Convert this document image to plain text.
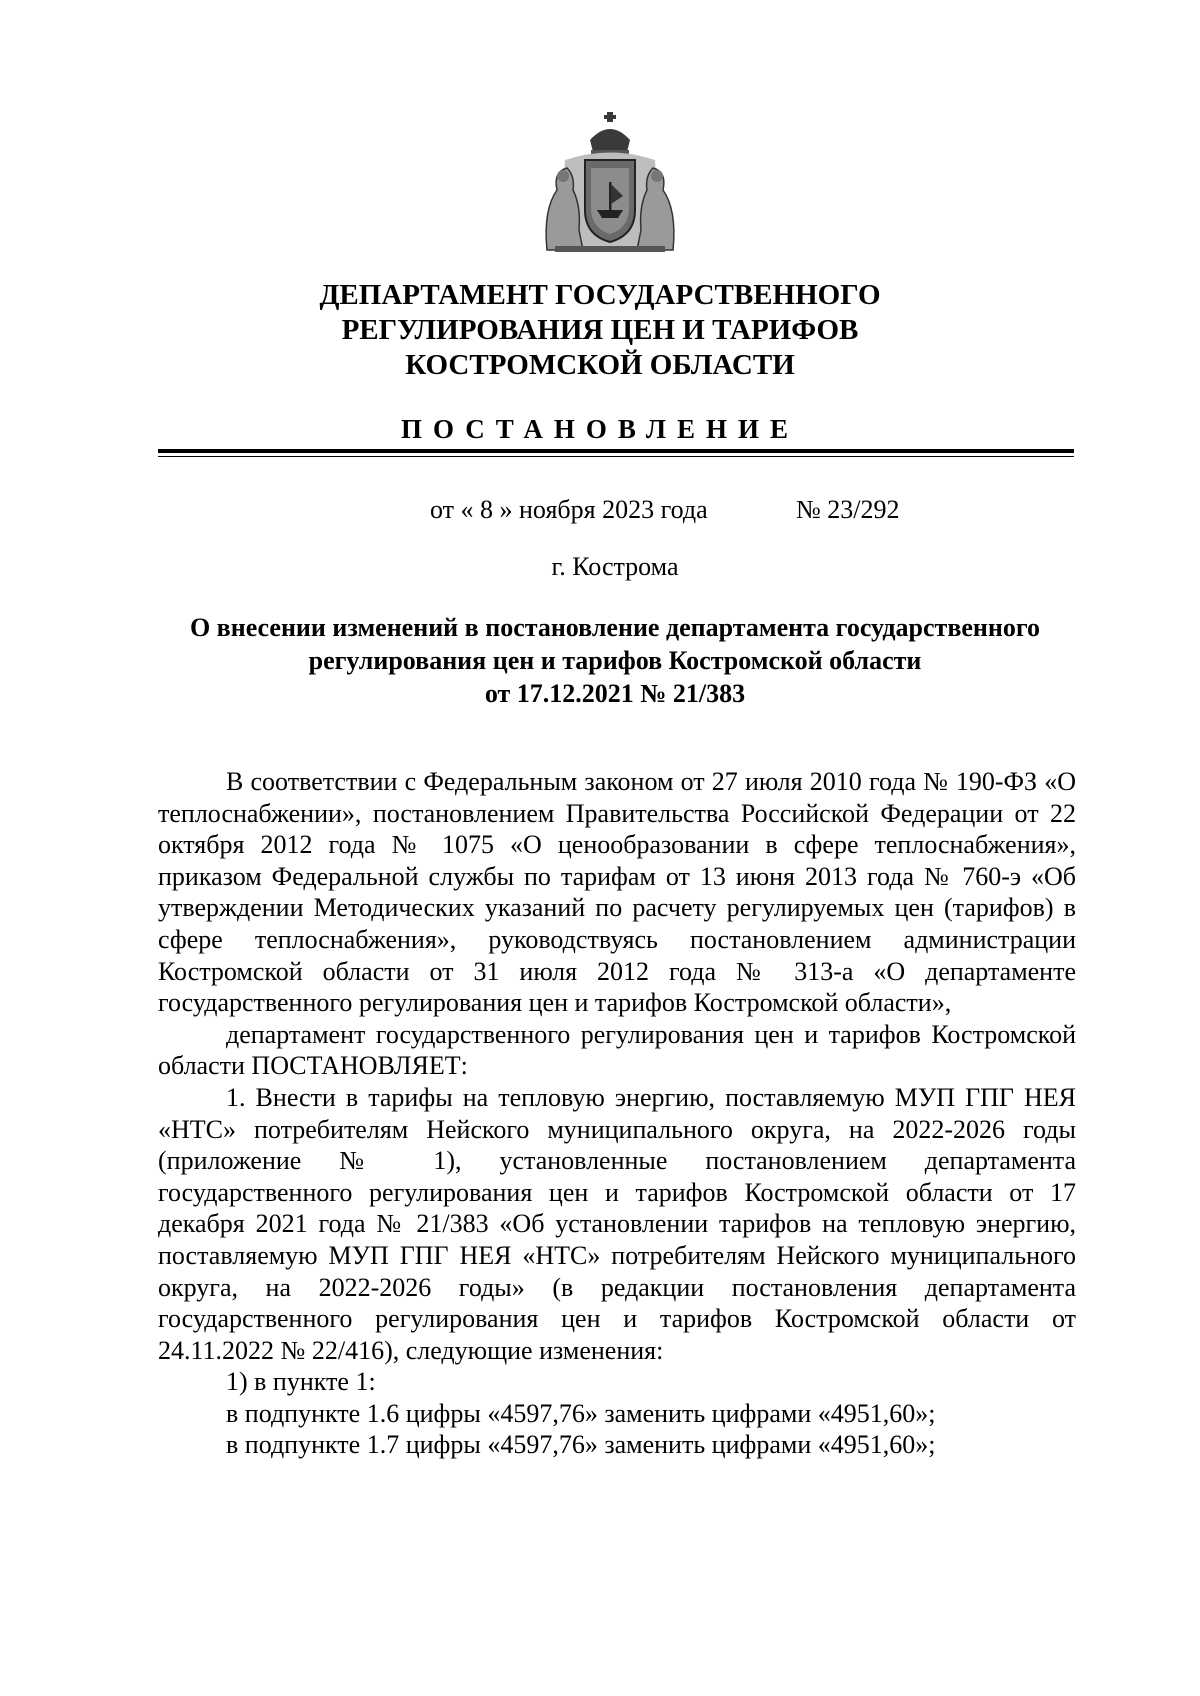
ДЕПАРТАМЕНТ ГОСУДАРСТВЕННОГО
РЕГУЛИРОВАНИЯ ЦЕН И ТАРИФОВ
КОСТРОМСКОЙ ОБЛАСТИ
ПОСТАНОВЛЕНИЕ
от « 8 » ноября 2023 года	№ 23/292
г. Кострома
О внесении изменений в постановление департамента государственного
регулирования цен и тарифов Костромской области
от 17.12.2021 № 21/383

В соответствии с Федеральным законом от 27 июля 2010 года № 190-ФЗ «О теплоснабжении», постановлением Правительства Российской Федерации от 22 октября 2012 года № 1075 «О ценообразовании в сфере теплоснабжения», приказом Федеральной службы по тарифам от 13 июня 2013 года № 760-э «Об утверждении Методических указаний по расчету регулируемых цен (тарифов) в сфере теплоснабжения», руководствуясь постановлением администрации Костромской области от 31 июля 2012 года № 313-а «О департаменте государственного регулирования цен и тарифов Костромской области»,

департамент государственного регулирования цен и тарифов Костромской области ПОСТАНОВЛЯЕТ:

1. Внести в тарифы на тепловую энергию, поставляемую МУП ГПГ НЕЯ «НТС» потребителям Нейского муниципального округа, на 2022-2026 годы (приложение № 1), установленные постановлением департамента государственного регулирования цен и тарифов Костромской области от 17 декабря 2021 года № 21/383 «Об установлении тарифов на тепловую энергию, поставляемую МУП ГПГ НЕЯ «НТС» потребителям Нейского муниципального округа, на 2022-2026 годы» (в редакции постановления департамента государственного регулирования цен и тарифов Костромской области от 24.11.2022 № 22/416), следующие изменения:

1) в пункте 1:

в подпункте 1.6 цифры «4597,76» заменить цифрами «4951,60»;

в подпункте 1.7 цифры «4597,76» заменить цифрами «4951,60»;
